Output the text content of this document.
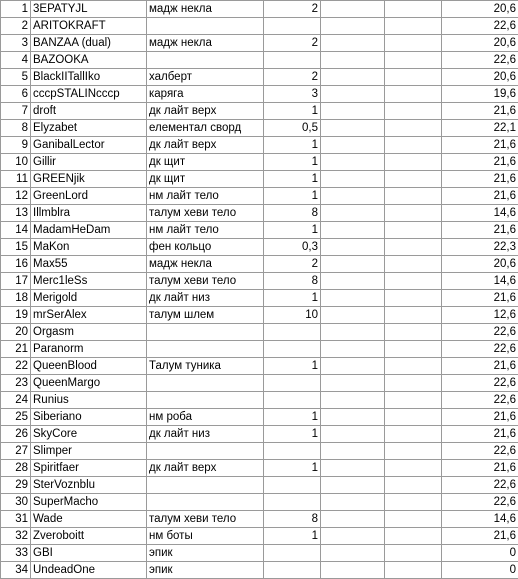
1	3EPATYJL	мадж некла	2			20,6
2	ARITOKRAFT					22,6
3	BANZAA (dual)	мадж некла	2			20,6
4	BAZOOKA					22,6
5	BlackIITallIko	халберт	2			20,6
6	cccpSTALINcccp	каряга	3			19,6
7	droft	дк лайт верх	1			21,6
8	Elyzabet	елементал сворд	0,5			22,1
9	GanibalLector	дк лайт верх	1			21,6
10	Gillir	дк щит	1			21,6
11	GREENjik	дк щит	1			21,6
12	GreenLord	нм лайт тело	1			21,6
13	Illmblra	талум хеви тело	8			14,6
14	MadamHeDam	нм лайт тело	1			21,6
15	MaKon	фен кольцо	0,3			22,3
16	Max55	мадж некла	2			20,6
17	Merc1leSs	талум хеви тело	8			14,6
18	Merigold	дк лайт низ	1			21,6
19	mrSerAlex	талум шлем	10			12,6
20	Orgasm					22,6
21	Paranorm					22,6
22	QueenBlood	Талум туника	1			21,6
23	QueenMargo					22,6
24	Runius					22,6
25	Siberiano	нм роба	1			21,6
26	SkyCore	дк лайт низ	1			21,6
27	Slimper					22,6
28	Spiritfaer	дк лайт верх	1			21,6
29	SterVoznblu					22,6
30	SuperMacho					22,6
31	Wade	талум хеви тело	8			14,6
32	Zveroboitt	нм боты	1			21,6
33	GBI	эпик				0
34	UndeadOne	эпик				0
